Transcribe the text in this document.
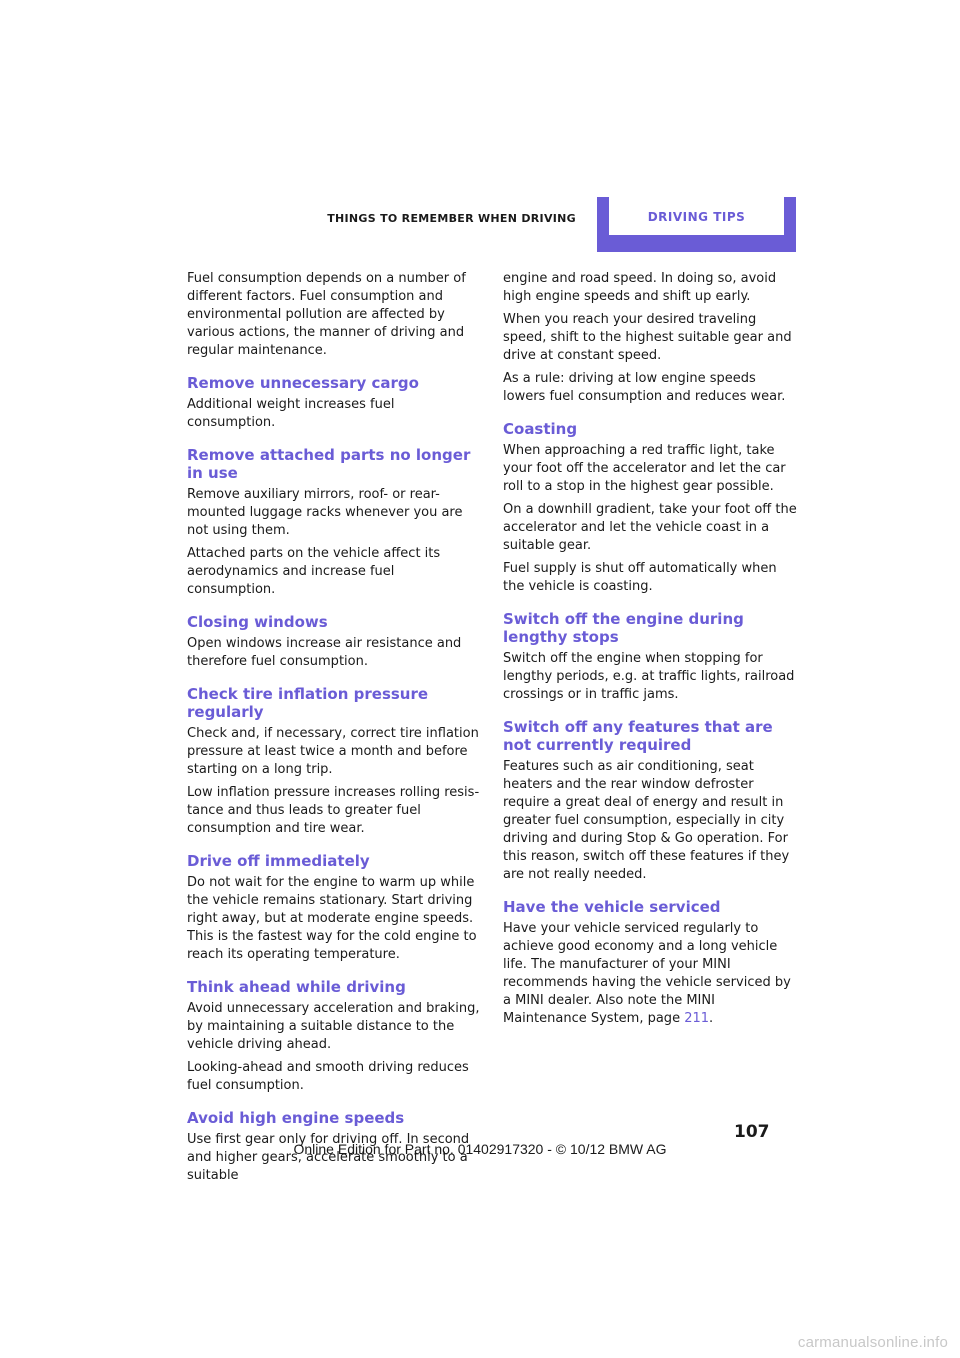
THINGS TO REMEMBER WHEN DRIVING	DRIVING TIPS

Fuel consumption depends on a number of different factors. Fuel consumption and environmental pollution are affected by various actions, the manner of driving and regular maintenance.

Remove unnecessary cargo

Additional weight increases fuel consumption.

Remove attached parts no longer in use

Remove auxiliary mirrors, roof- or rear-mounted luggage racks whenever you are not using them.

Attached parts on the vehicle affect its aerodynamics and increase fuel consumption.

Closing windows

Open windows increase air resistance and therefore fuel consumption.

Check tire inflation pressure regularly

Check and, if necessary, correct tire inflation pressure at least twice a month and before starting on a long trip.

Low inflation pressure increases rolling resistance and thus leads to greater fuel consumption and tire wear.

Drive off immediately

Do not wait for the engine to warm up while the vehicle remains stationary. Start driving right away, but at moderate engine speeds. This is the fastest way for the cold engine to reach its operating temperature.

Think ahead while driving

Avoid unnecessary acceleration and braking, by maintaining a suitable distance to the vehicle driving ahead.

Looking-ahead and smooth driving reduces fuel consumption.

Avoid high engine speeds

Use first gear only for driving off. In second and higher gears, accelerate smoothly to a suitable

engine and road speed. In doing so, avoid high engine speeds and shift up early.

When you reach your desired traveling speed, shift to the highest suitable gear and drive at constant speed.

As a rule: driving at low engine speeds lowers fuel consumption and reduces wear.

Coasting

When approaching a red traffic light, take your foot off the accelerator and let the car roll to a stop in the highest gear possible.

On a downhill gradient, take your foot off the accelerator and let the vehicle coast in a suitable gear.

Fuel supply is shut off automatically when the vehicle is coasting.

Switch off the engine during lengthy stops

Switch off the engine when stopping for lengthy periods, e.g. at traffic lights, railroad crossings or in traffic jams.

Switch off any features that are not currently required

Features such as air conditioning, seat heaters and the rear window defroster require a great deal of energy and result in greater fuel consumption, especially in city driving and during Stop & Go operation. For this reason, switch off these features if they are not really needed.

Have the vehicle serviced

Have your vehicle serviced regularly to achieve good economy and a long vehicle life. The manufacturer of your MINI recommends having the vehicle serviced by a MINI dealer. Also note the MINI Maintenance System, page 211.

107
Online Edition for Part no. 01402917320 - © 10/12 BMW AG
carmanualsonline.info
